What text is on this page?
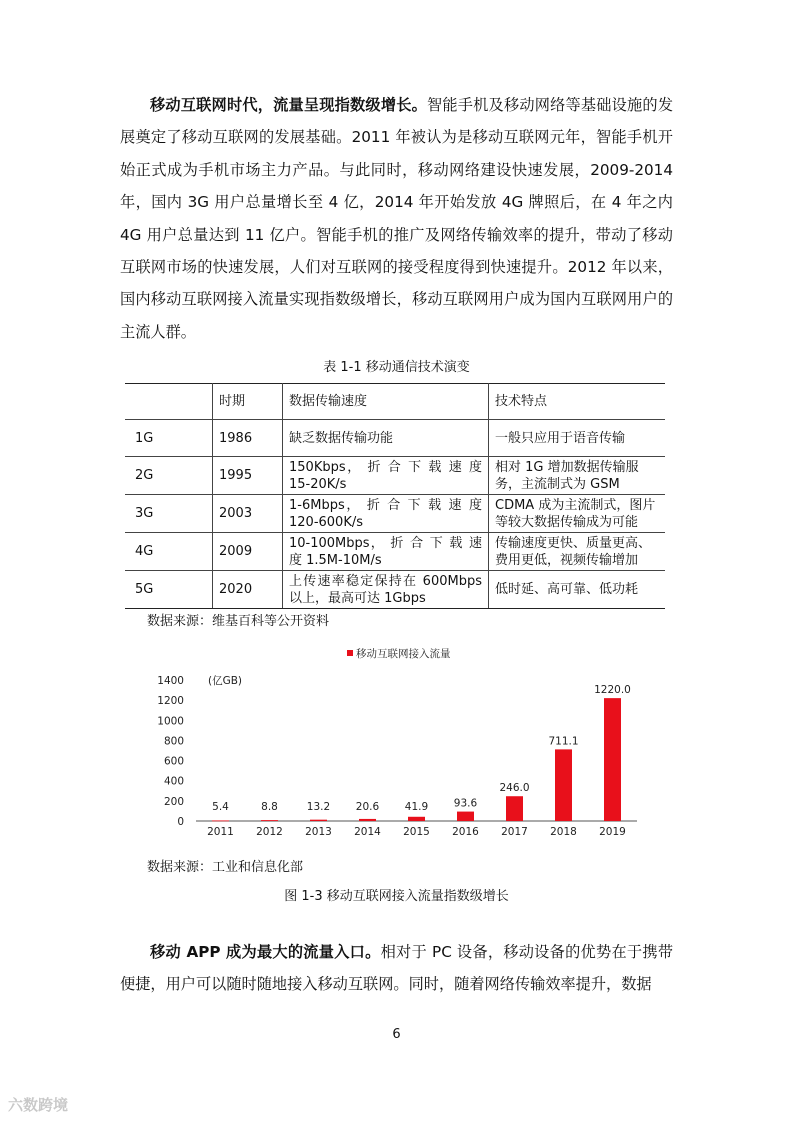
移动互联网时代，流量呈现指数级增长。智能手机及移动网络等基础设施的发展奠定了移动互联网的发展基础。2011 年被认为是移动互联网元年，智能手机开始正式成为手机市场主力产品。与此同时，移动网络建设快速发展，2009-2014 年，国内 3G 用户总量增长至 4 亿，2014 年开始发放 4G 牌照后，在 4 年之内 4G 用户总量达到 11 亿户。智能手机的推广及网络传输效率的提升，带动了移动互联网市场的快速发展，人们对互联网的接受程度得到快速提升。2012 年以来，国内移动互联网接入流量实现指数级增长，移动互联网用户成为国内互联网用户的主流人群。

表 1-1 移动通信技术演变

	时期	数据传输速度	技术特点
1G	1986	缺乏数据传输功能	一般只应用于语音传输
2G	1995	150Kbps， 折 合 下 载 速 度 15-20K/s	相对 1G 增加数据传输服务，主流制式为 GSM
3G	2003	1-6Mbps， 折 合 下 载 速 度 120-600K/s	CDMA 成为主流制式，图片等较大数据传输成为可能
4G	2009	10-100Mbps， 折 合 下 载 速 度 1.5M-10M/s	传输速度更快、质量更高、费用更低，视频传输增加
5G	2020	上传速率稳定保持在 600Mbps 以上，最高可达 1Gbps	低时延、高可靠、低功耗

数据来源：维基百科等公开资料

移动互联网接入流量
(亿GB)
0
200
400
600
800
1000
1200
1400
5.4
2011
8.8
2012
13.2
2013
20.6
2014
41.9
2015
93.6
2016
246.0
2017
711.1
2018
1220.0
2019

数据来源：工业和信息化部

图 1-3 移动互联网接入流量指数级增长

移动 APP 成为最大的流量入口。相对于 PC 设备，移动设备的优势在于携带便捷，用户可以随时随地接入移动互联网。同时，随着网络传输效率提升，数据

6

六数跨境
